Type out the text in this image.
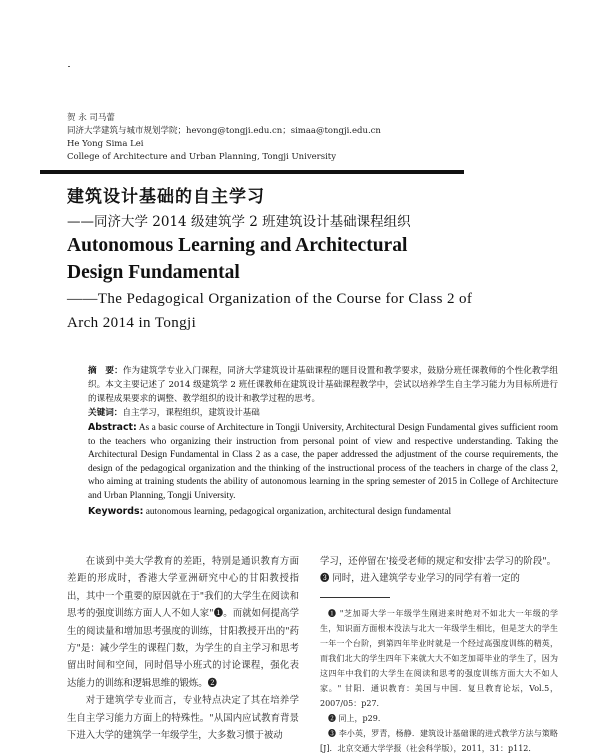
贺 永 司马蕾
同济大学建筑与城市规划学院；hevong@tongji.edu.cn；simaa@tongji.edu.cn
He Yong Sima Lei
College of Architecture and Urban Planning, Tongji University
建筑设计基础的自主学习
——同济大学 2014 级建筑学 2 班建筑设计基础课程组织
Autonomous Learning and Architectural
Design Fundamental
——The Pedagogical Organization of the Course for Class 2 of Arch 2014 in Tongji

摘　要：作为建筑学专业入门课程，同济大学建筑设计基础课程的题目设置和教学要求，鼓励分班任课教师的个性化教学组织。本文主要记述了 2014 级建筑学 2 班任课教师在建筑设计基础课程教学中，尝试以培养学生自主学习能力为目标所进行的课程成果要求的调整、教学组织的设计和教学过程的思考。

关键词：自主学习，课程组织，建筑设计基础

Abstract: As a basic course of Architecture in Tongji University, Architectural Design Fundamental gives sufficient room to the teachers who organizing their instruction from personal point of view and respective understanding. Taking the Architectural Design Fundamental in Class 2 as a case, the paper addressed the adjustment of the course requirements, the design of the pedagogical organization and the thinking of the instructional process of the teachers in charge of the class 2, who aiming at training students the ability of autonomous learning in the spring semester of 2015 in College of Architecture and Urban Planning, Tongji University.

Keywords: autonomous learning, pedagogical organization, architectural design fundamental

在谈到中美大学教育的差距，特别是通识教育方面差距的形成时，香港大学亚洲研究中心的甘阳教授指出，其中一个重要的原因就在于"我们的大学生在阅读和思考的强度训练方面人人不如人家"❶。而就如何提高学生的阅读量和增加思考强度的训练，甘阳教授开出的"药方"是：减少学生的课程门数，为学生的自主学习和思考留出时间和空间，同时倡导小班式的讨论课程，强化表达能力的训练和逻辑思维的锻炼。❷

对于建筑学专业而言，专业特点决定了其在培养学生自主学习能力方面上的特殊性。"从国内应试教育背景下进入大学的建筑学一年级学生，大多数习惯于被动

学习，还停留在'接受老师的规定和安排'去学习的阶段"。❸ 同时，进入建筑学专业学习的同学有着一定的

❶ "芝加哥大学一年级学生刚进来时绝对不如北大一年级的学生，知识面方面根本没法与北大一年级学生相比，但是芝大的学生一年一个台阶，到第四年毕业时就是一个经过高强度训练的精英，而我们北大的学生四年下来就大大不如芝加哥毕业的学生了，因为这四年中我们的大学生在阅读和思考的强度训练方面大大不如人家。" 甘阳．通识教育：美国与中国．复旦教育论坛，Vol.5，2007/05：p27．

❷ 同上，p29．

❸ 李小英，罗青，杨静．建筑设计基础课的进式教学方法与策略 [J]．北京交通大学学报（社会科学版），2011，31：p112．
